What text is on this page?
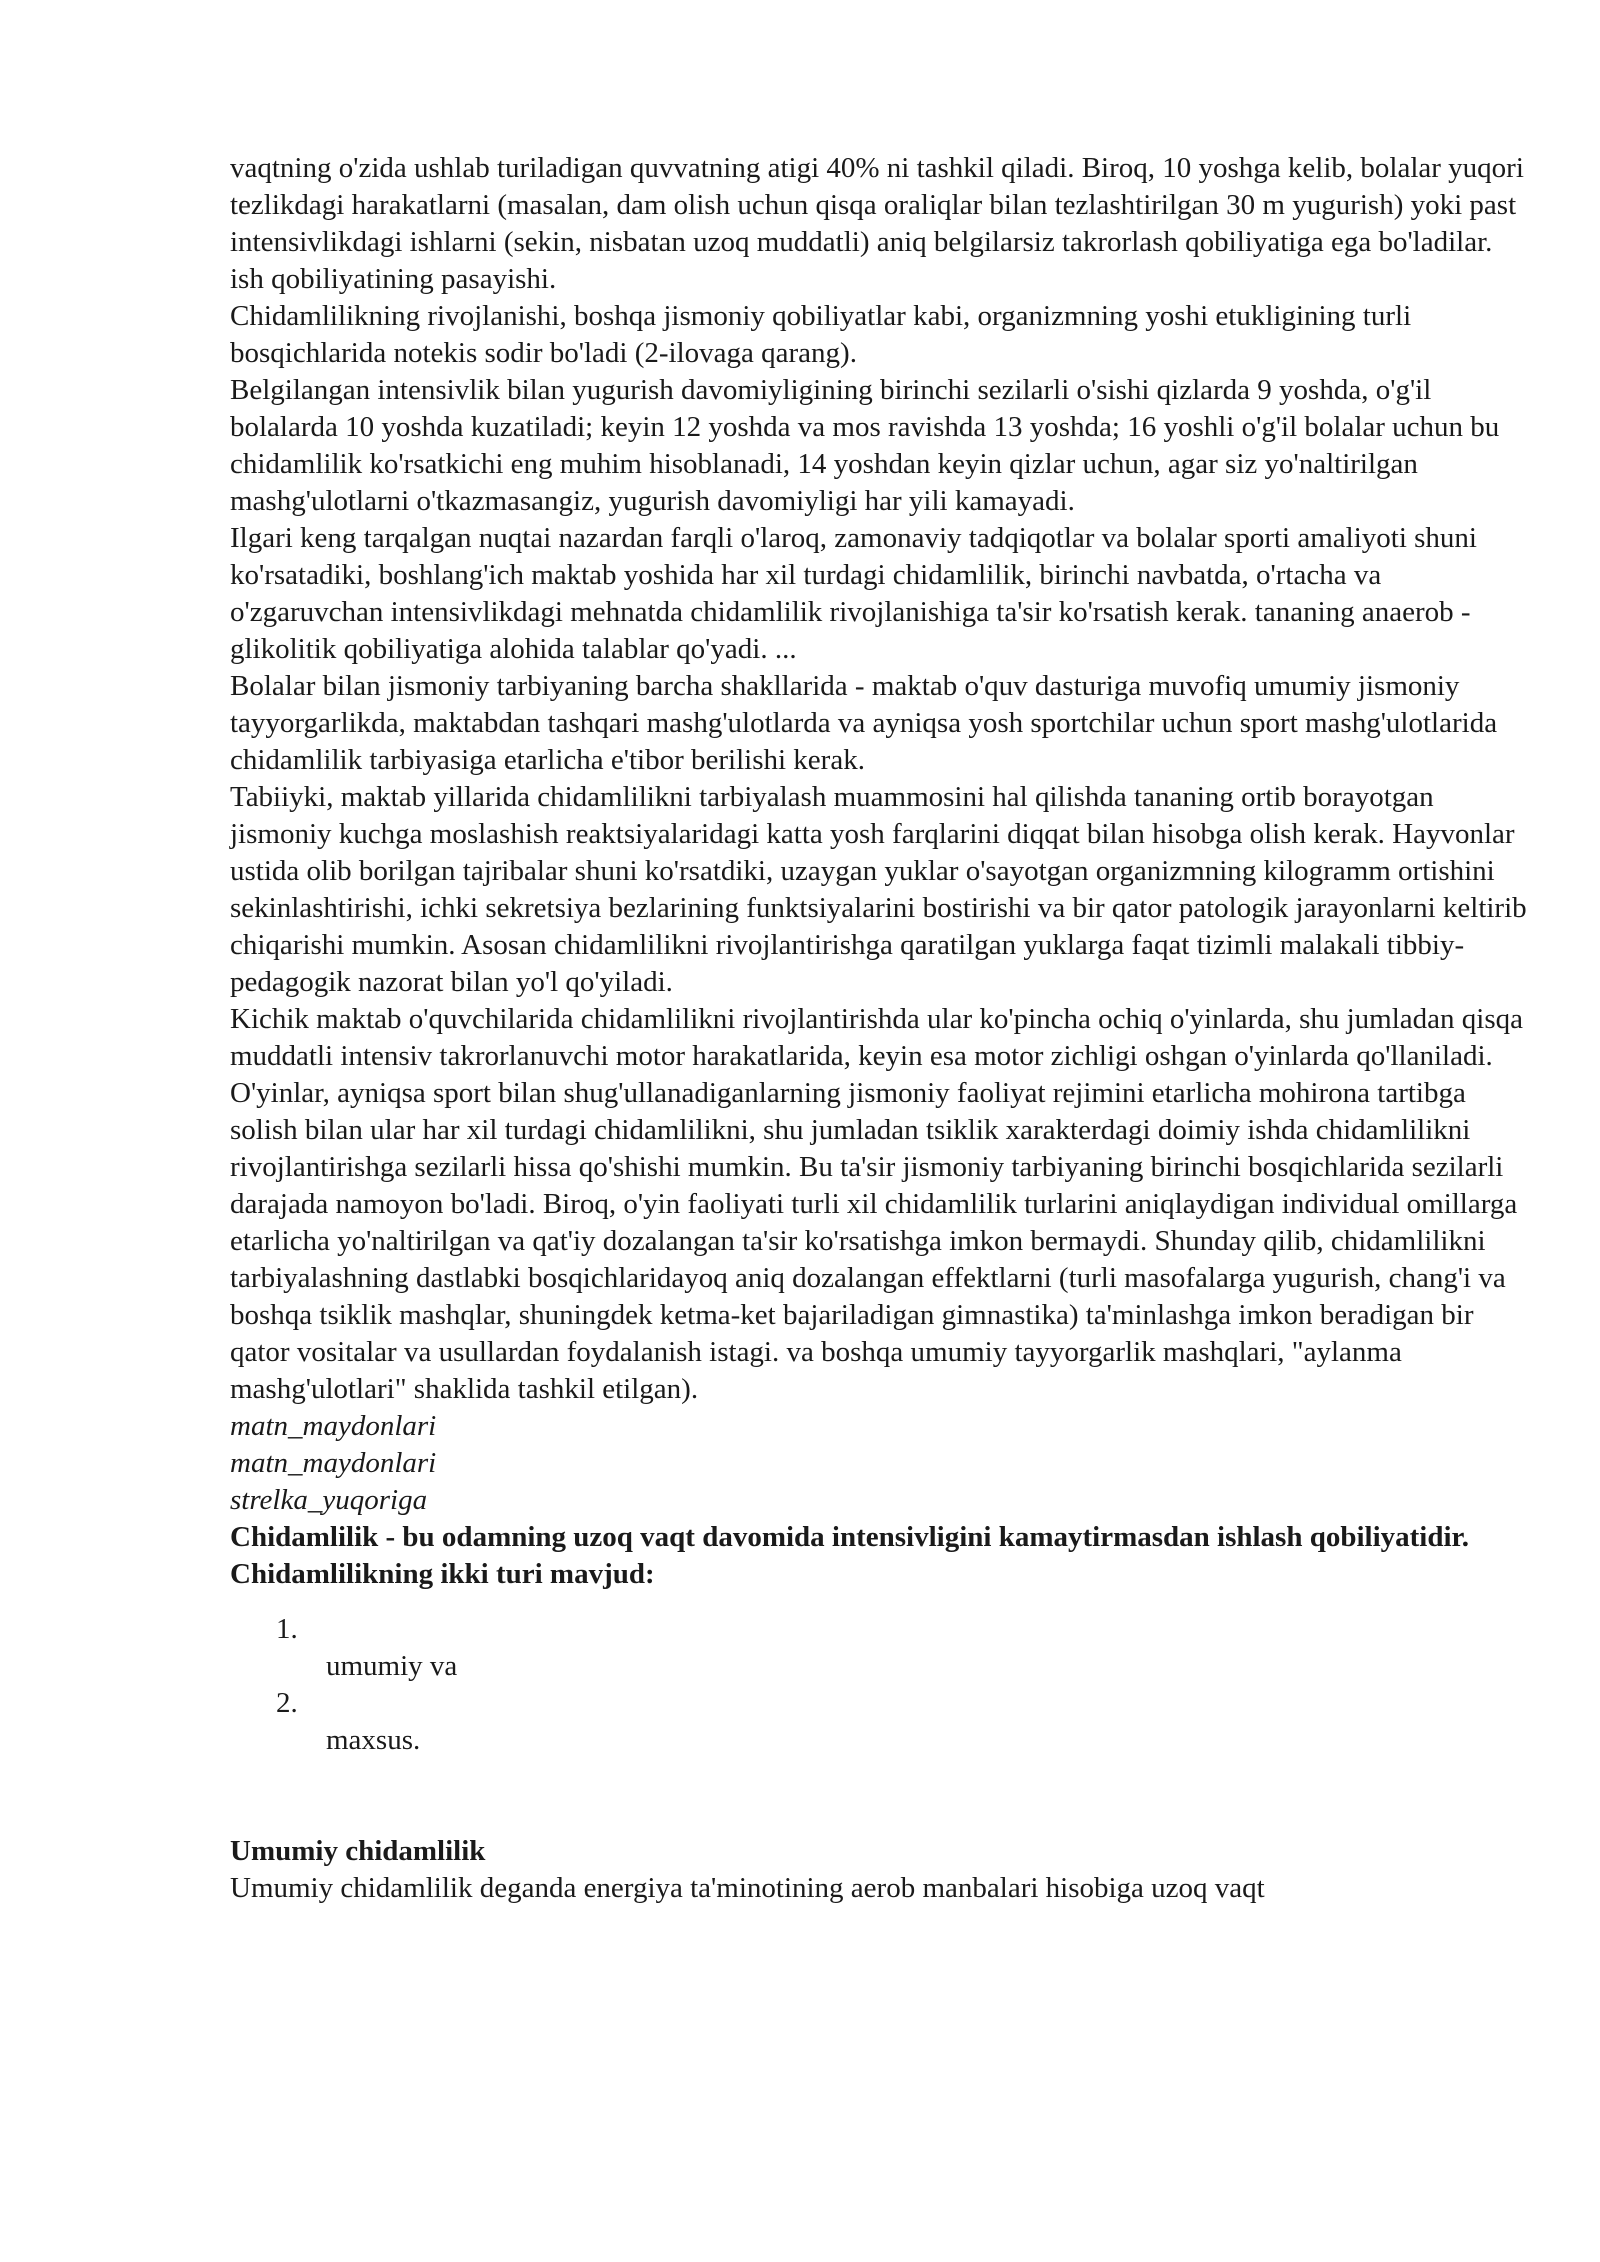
vaqtning o'zida ushlab turiladigan quvvatning atigi 40% ni tashkil qiladi. Biroq, 10 yoshga kelib, bolalar yuqori tezlikdagi harakatlarni (masalan, dam olish uchun qisqa oraliqlar bilan tezlashtirilgan 30 m yugurish) yoki past intensivlikdagi ishlarni (sekin, nisbatan uzoq muddatli) aniq belgilarsiz takrorlash qobiliyatiga ega bo'ladilar. ish qobiliyatining pasayishi.

Chidamlilikning rivojlanishi, boshqa jismoniy qobiliyatlar kabi, organizmning yoshi etukligining turli bosqichlarida notekis sodir bo'ladi (2-ilovaga qarang).

Belgilangan intensivlik bilan yugurish davomiyligining birinchi sezilarli o'sishi qizlarda 9 yoshda, o'g'il bolalarda 10 yoshda kuzatiladi; keyin 12 yoshda va mos ravishda 13 yoshda; 16 yoshli o'g'il bolalar uchun bu chidamlilik ko'rsatkichi eng muhim hisoblanadi, 14 yoshdan keyin qizlar uchun, agar siz yo'naltirilgan mashg'ulotlarni o'tkazmasangiz, yugurish davomiyligi har yili kamayadi.

Ilgari keng tarqalgan nuqtai nazardan farqli o'laroq, zamonaviy tadqiqotlar va bolalar sporti amaliyoti shuni ko'rsatadiki, boshlang'ich maktab yoshida har xil turdagi chidamlilik, birinchi navbatda, o'rtacha va o'zgaruvchan intensivlikdagi mehnatda chidamlilik rivojlanishiga ta'sir ko'rsatish kerak. tananing anaerob - glikolitik qobiliyatiga alohida talablar qo'yadi. ...

Bolalar bilan jismoniy tarbiyaning barcha shakllarida - maktab o'quv dasturiga muvofiq umumiy jismoniy tayyorgarlikda, maktabdan tashqari mashg'ulotlarda va ayniqsa yosh sportchilar uchun sport mashg'ulotlarida chidamlilik tarbiyasiga etarlicha e'tibor berilishi kerak.

Tabiiyki, maktab yillarida chidamlilikni tarbiyalash muammosini hal qilishda tananing ortib borayotgan jismoniy kuchga moslashish reaktsiyalaridagi katta yosh farqlarini diqqat bilan hisobga olish kerak. Hayvonlar ustida olib borilgan tajribalar shuni ko'rsatdiki, uzaygan yuklar o'sayotgan organizmning kilogramm ortishini sekinlashtirishi, ichki sekretsiya bezlarining funktsiyalarini bostirishi va bir qator patologik jarayonlarni keltirib chiqarishi mumkin. Asosan chidamlilikni rivojlantirishga qaratilgan yuklarga faqat tizimli malakali tibbiy-pedagogik nazorat bilan yo'l qo'yiladi.

Kichik maktab o'quvchilarida chidamlilikni rivojlantirishda ular ko'pincha ochiq o'yinlarda, shu jumladan qisqa muddatli intensiv takrorlanuvchi motor harakatlarida, keyin esa motor zichligi oshgan o'yinlarda qo'llaniladi. O'yinlar, ayniqsa sport bilan shug'ullanadiganlarning jismoniy faoliyat rejimini etarlicha mohirona tartibga solish bilan ular har xil turdagi chidamlilikni, shu jumladan tsiklik xarakterdagi doimiy ishda chidamlilikni rivojlantirishga sezilarli hissa qo'shishi mumkin. Bu ta'sir jismoniy tarbiyaning birinchi bosqichlarida sezilarli darajada namoyon bo'ladi. Biroq, o'yin faoliyati turli xil chidamlilik turlarini aniqlaydigan individual omillarga etarlicha yo'naltirilgan va qat'iy dozalangan ta'sir ko'rsatishga imkon bermaydi. Shunday qilib, chidamlilikni tarbiyalashning dastlabki bosqichlaridayoq aniq dozalangan effektlarni (turli masofalarga yugurish, chang'i va boshqa tsiklik mashqlar, shuningdek ketma-ket bajariladigan gimnastika) ta'minlashga imkon beradigan bir qator vositalar va usullardan foydalanish istagi. va boshqa umumiy tayyorgarlik mashqlari, "aylanma mashg'ulotlari" shaklida tashkil etilgan).

matn_maydonlari

matn_maydonlari

strelka_yuqoriga

Chidamlilik - bu odamning uzoq vaqt davomida intensivligini kamaytirmasdan ishlash qobiliyatidir.

Chidamlilikning ikki turi mavjud:

1.
umumiy va
2.
maxsus.

Umumiy chidamlilik

Umumiy chidamlilik deganda energiya ta'minotining aerob manbalari hisobiga uzoq vaqt
